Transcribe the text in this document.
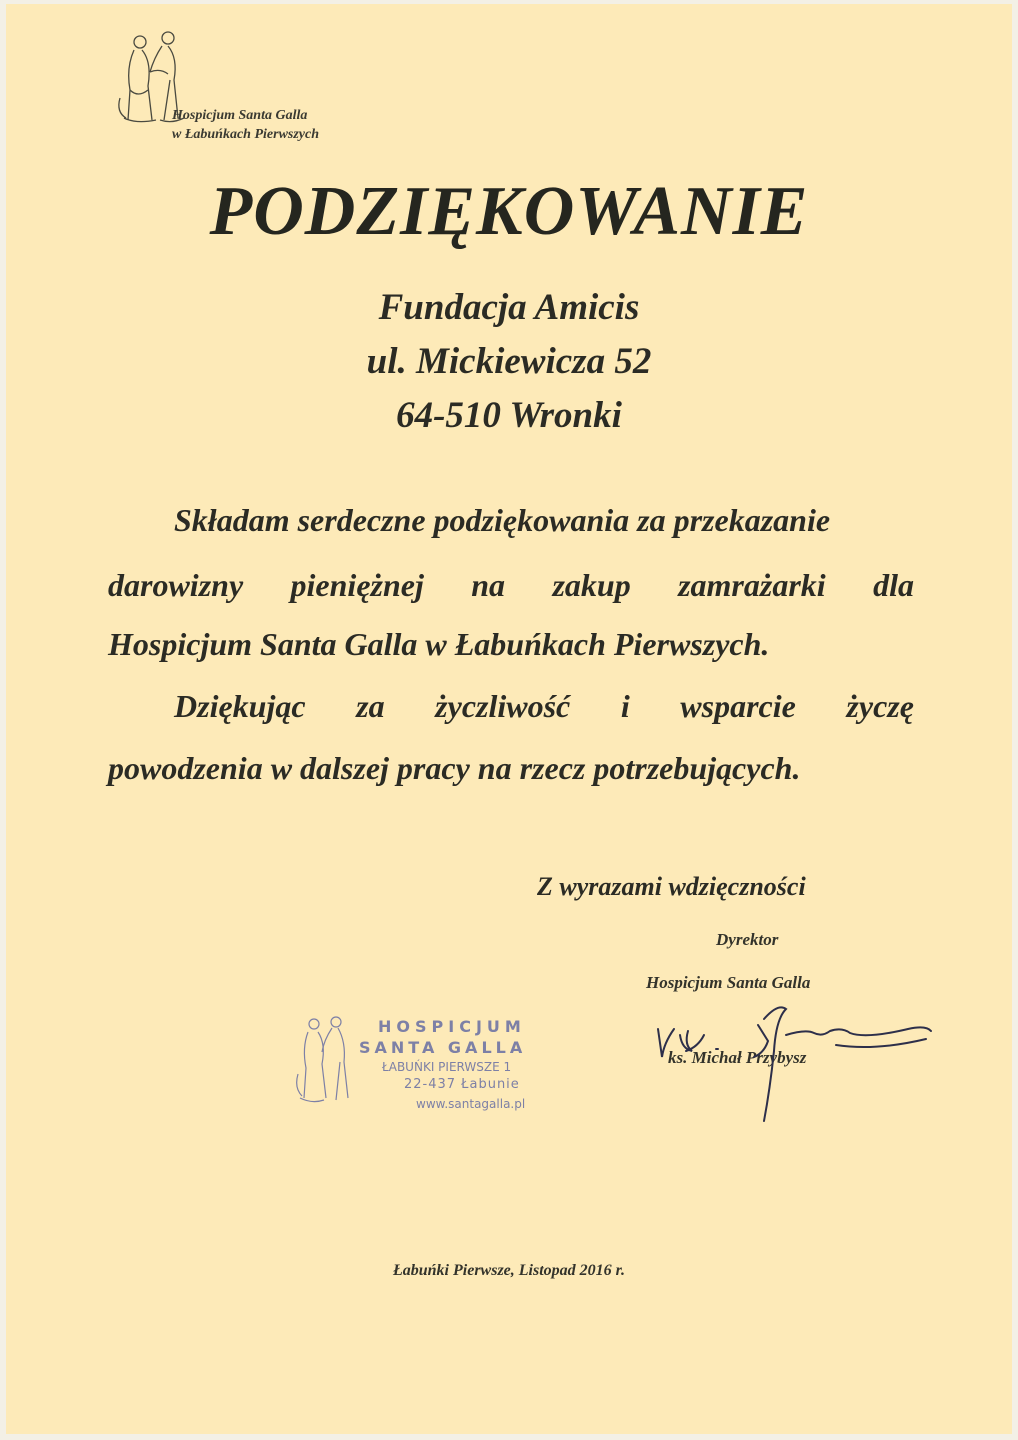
Hospicjum Santa Galla
w Łabuńkach Pierwszych
PODZIĘKOWANIE
Fundacja Amicis
ul. Mickiewicza 52
64-510 Wronki
Składam serdeczne podziękowania za przekazanie
darowizny pieniężnej na zakup zamrażarki dla
Hospicjum Santa Galla w Łabuńkach Pierwszych.
Dziękując za życzliwość i wsparcie życzę
powodzenia w dalszej pracy na rzecz potrzebujących.
Z wyrazami wdzięczności
Dyrektor
Hospicjum Santa Galla
ks. Michał Przybysz
HOSPICJUM
SANTA GALLA
ŁABUŃKI PIERWSZE 1
22-437 Łabunie
www.santagalla.pl
Łabuńki Pierwsze, Listopad 2016 r.
